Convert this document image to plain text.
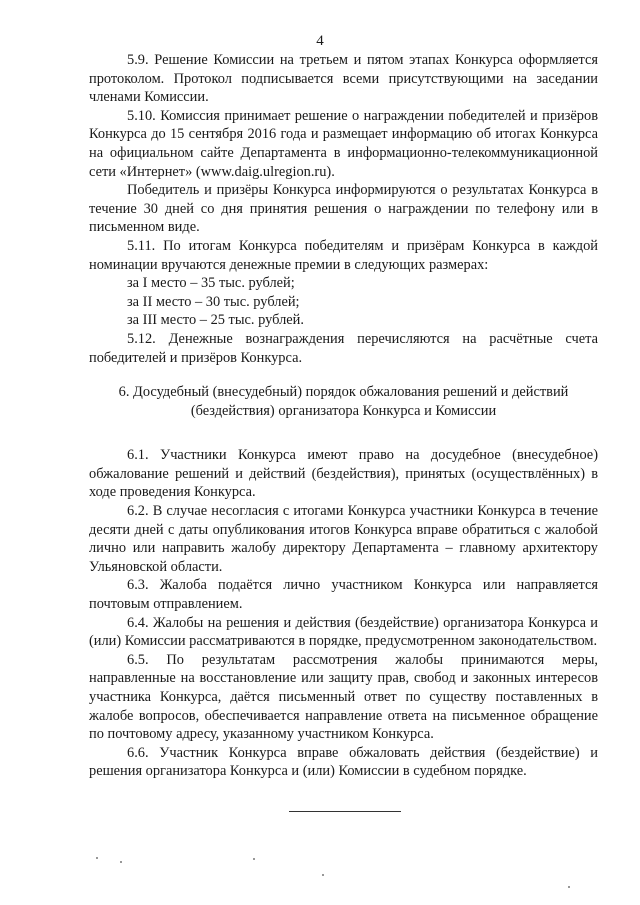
4

5.9. Решение Комиссии на третьем и пятом этапах Конкурса оформляется протоколом. Протокол подписывается всеми присутствующими на заседании членами Комиссии.

5.10. Комиссия принимает решение о награждении победителей и призёров Конкурса до 15 сентября 2016 года и размещает информацию об итогах Конкурса на официальном сайте Департамента в информационно-телекоммуникационной сети «Интернет» (www.daig.ulregion.ru).

Победитель и призёры Конкурса информируются о результатах Конкурса в течение 30 дней со дня принятия решения о награждении по телефону или в письменном виде.

5.11. По итогам Конкурса победителям и призёрам Конкурса в каждой номинации вручаются денежные премии в следующих размерах:

за I место – 35 тыс. рублей;

за II место – 30 тыс. рублей;

за III место – 25 тыс. рублей.

5.12. Денежные вознаграждения перечисляются на расчётные счета победителей и призёров Конкурса.

6. Досудебный (внесудебный) порядок обжалования решений и действий

(бездействия) организатора Конкурса и Комиссии

6.1. Участники Конкурса имеют право на досудебное (внесудебное) обжалование решений и действий (бездействия), принятых (осуществлённых) в ходе проведения Конкурса.

6.2. В случае несогласия с итогами Конкурса участники Конкурса в течение десяти дней с даты опубликования итогов Конкурса вправе обратиться с жалобой лично или направить жалобу директору Департамента – главному архитектору Ульяновской области.

6.3. Жалоба подаётся лично участником Конкурса или направляется почтовым отправлением.

6.4. Жалобы на решения и действия (бездействие) организатора Конкурса и (или) Комиссии рассматриваются в порядке, предусмотренном законодательством.

6.5. По результатам рассмотрения жалобы принимаются меры, направленные на восстановление или защиту прав, свобод и законных интересов участника Конкурса, даётся письменный ответ по существу поставленных в жалобе вопросов, обеспечивается направление ответа на письменное обращение по почтовому адресу, указанному участником Конкурса.

6.6. Участник Конкурса вправе обжаловать действия (бездействие) и решения организатора Конкурса и (или) Комиссии в судебном порядке.
